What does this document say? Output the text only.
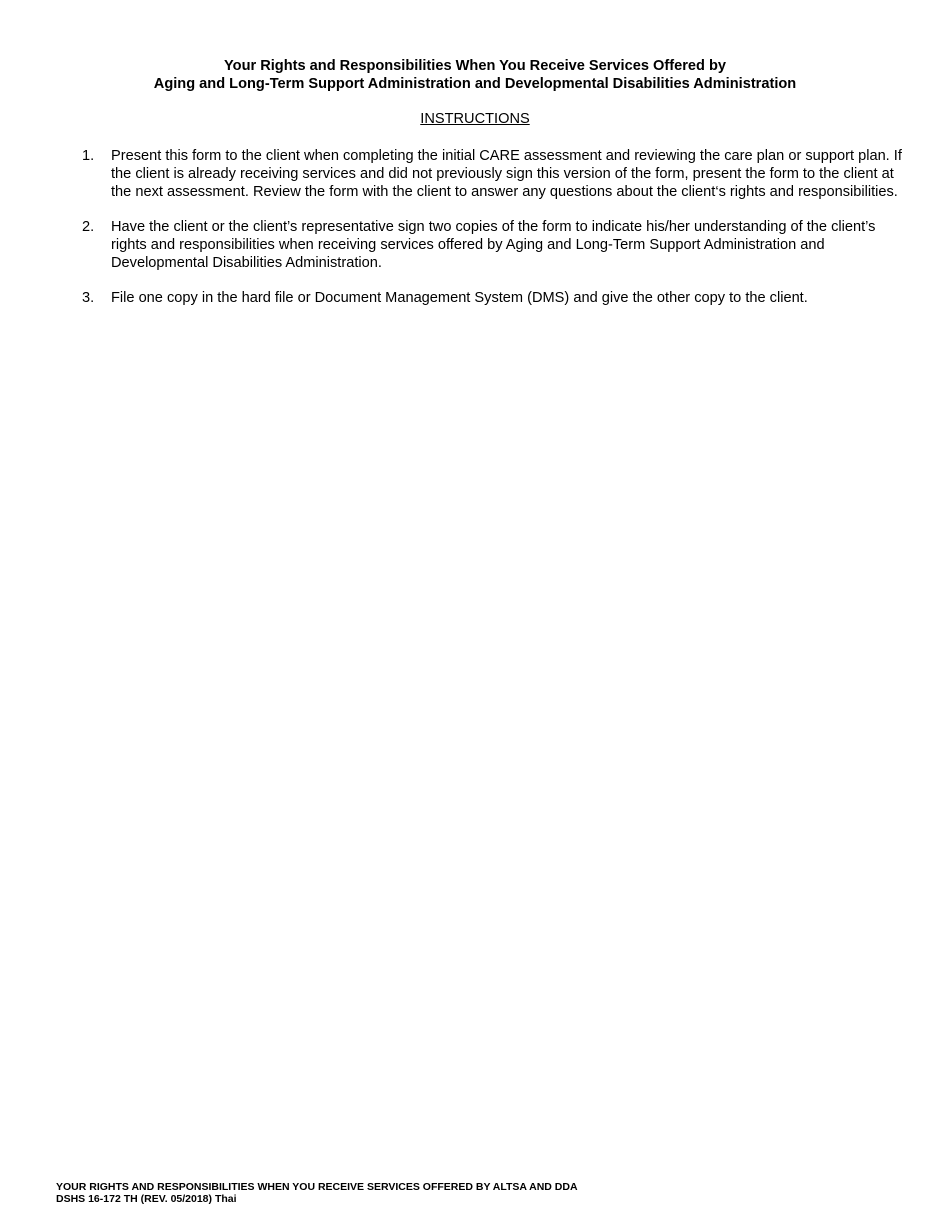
Your Rights and Responsibilities When You Receive Services Offered by
Aging and Long-Term Support Administration and Developmental Disabilities Administration
INSTRUCTIONS
1. Present this form to the client when completing the initial CARE assessment and reviewing the care plan or support plan. If the client is already receiving services and did not previously sign this version of the form, present the form to the client at the next assessment. Review the form with the client to answer any questions about the client‘s rights and responsibilities.
2. Have the client or the client’s representative sign two copies of the form to indicate his/her understanding of the client’s rights and responsibilities when receiving services offered by Aging and Long-Term Support Administration and Developmental Disabilities Administration.
3. File one copy in the hard file or Document Management System (DMS) and give the other copy to the client.
YOUR RIGHTS AND RESPONSIBILITIES WHEN YOU RECEIVE SERVICES OFFERED BY ALTSA AND DDA
DSHS 16-172 TH (REV. 05/2018) Thai
